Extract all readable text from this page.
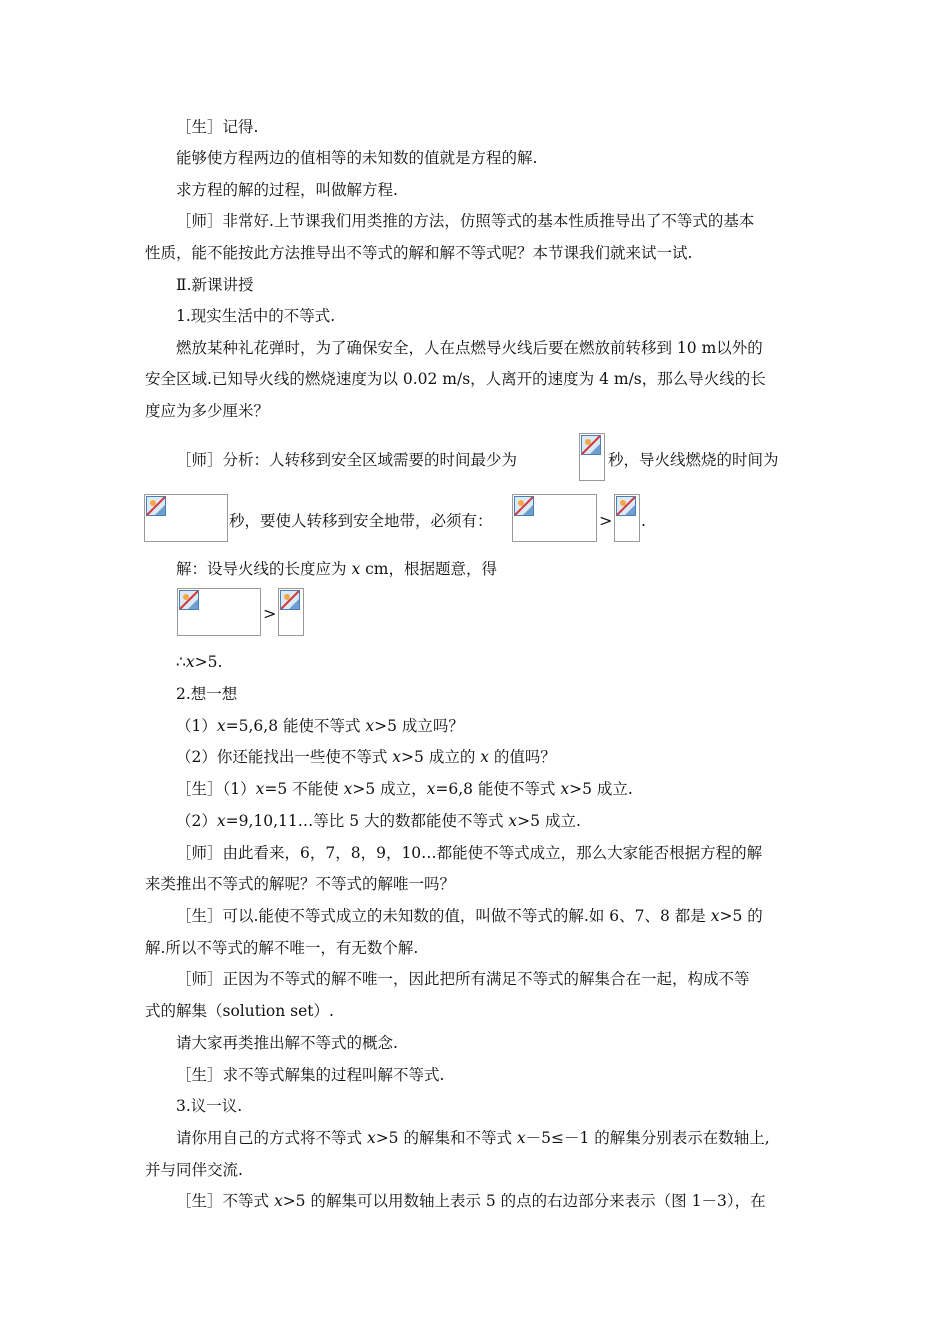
［生］记得.
能够使方程两边的值相等的未知数的值就是方程的解.
求方程的解的过程，叫做解方程.
［师］非常好.上节课我们用类推的方法，仿照等式的基本性质推导出了不等式的基本
性质，能不能按此方法推导出不等式的解和解不等式呢？本节课我们就来试一试.
Ⅱ.新课讲授
1.现实生活中的不等式.
燃放某种礼花弹时，为了确保安全，人在点燃导火线后要在燃放前转移到 10 m以外的
安全区域.已知导火线的燃烧速度为以 0.02 m/s，人离开的速度为 4 m/s，那么导火线的长
度应为多少厘米？
［师］分析：人转移到安全区域需要的时间最少为	秒，导火线燃烧的时间为
秒，要使人转移到安全地带，必须有：	> .
解：设导火线的长度应为 x cm，根据题意，得
>
∴x>5.
2.想一想
（1）x=5,6,8 能使不等式 x>5 成立吗？
（2）你还能找出一些使不等式 x>5 成立的 x 的值吗？
［生］（1）x=5 不能使 x>5 成立，x=6,8 能使不等式 x>5 成立.
（2）x=9,10,11…等比 5 大的数都能使不等式 x>5 成立.
［师］由此看来，6，7，8，9，10…都能使不等式成立，那么大家能否根据方程的解
来类推出不等式的解呢？不等式的解唯一吗？
［生］可以.能使不等式成立的未知数的值，叫做不等式的解.如 6、7、8 都是 x>5 的
解.所以不等式的解不唯一，有无数个解.
［师］正因为不等式的解不唯一，因此把所有满足不等式的解集合在一起，构成不等
式的解集（solution set）.
请大家再类推出解不等式的概念.
［生］求不等式解集的过程叫解不等式.
3.议一议.
请你用自己的方式将不等式 x>5 的解集和不等式 x－5≤－1 的解集分别表示在数轴上,
并与同伴交流.
［生］不等式 x>5 的解集可以用数轴上表示 5 的点的右边部分来表示（图 1－3），在
